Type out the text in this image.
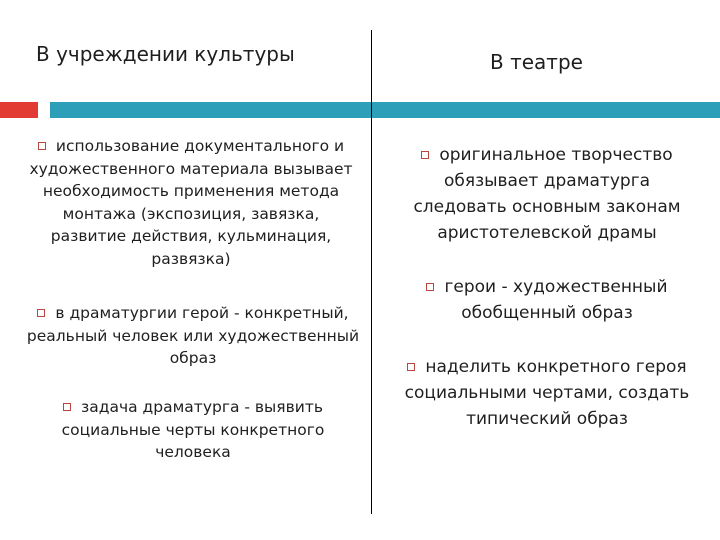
В учреждении культуры	В театре
использование документального и художественного материала вызывает необходимость применения метода монтажа (экспозиция, завязка, развитие действия, кульминация, развязка)
в драматургии герой - конкретный, реальный человек или художественный образ
задача драматурга - выявить социальные черты конкретного человека
оригинальное творчество обязывает драматурга следовать основным законам аристотелевской драмы
герои - художественный обобщенный образ
наделить конкретного героя социальными чертами, создать типический образ
